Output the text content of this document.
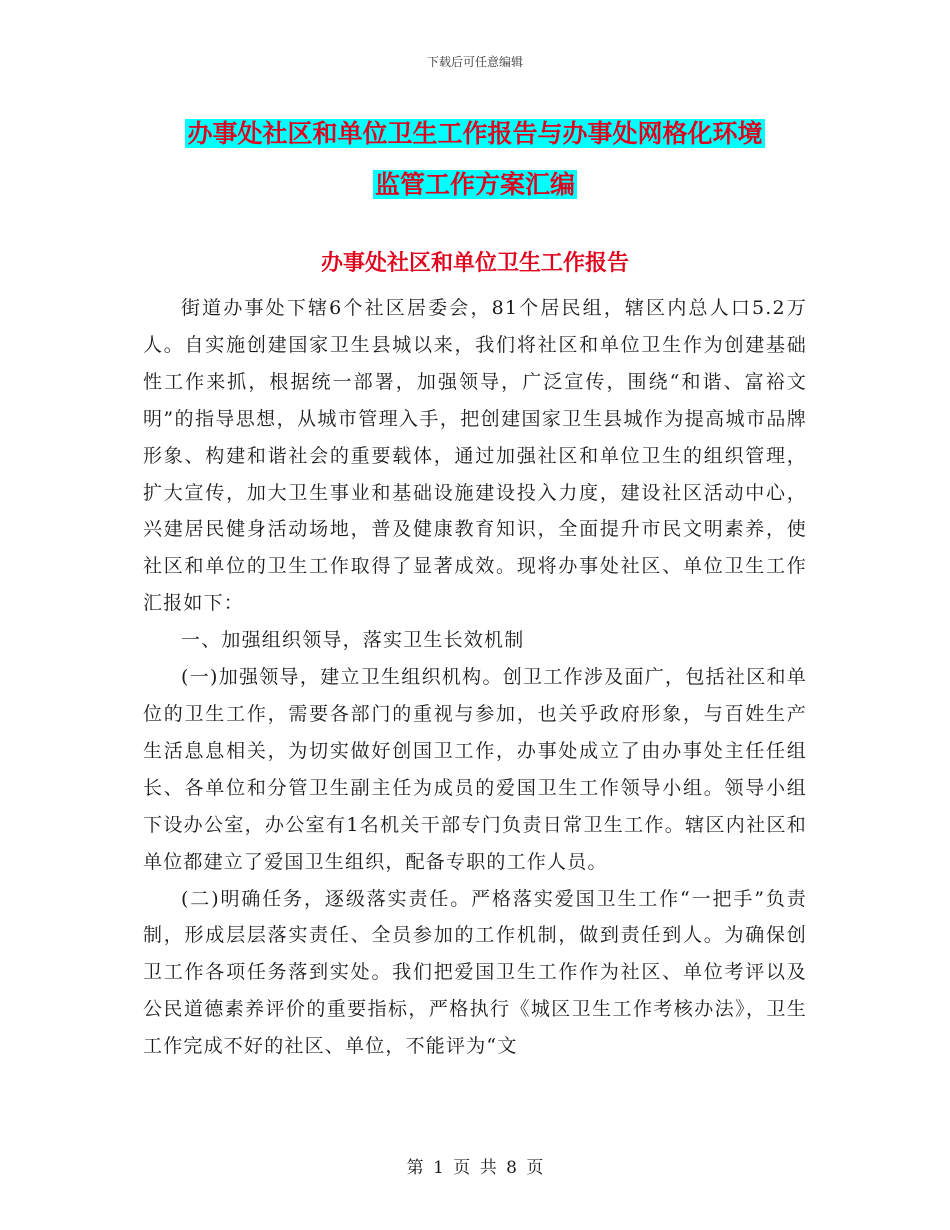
下载后可任意编辑
办事处社区和单位卫生工作报告与办事处网格化环境
监管工作方案汇编
办事处社区和单位卫生工作报告

街道办事处下辖6个社区居委会，81个居民组，辖区内总人口5.2万人。自实施创建国家卫生县城以来，我们将社区和单位卫生作为创建基础性工作来抓，根据统一部署，加强领导，广泛宣传，围绕“和谐、富裕文明”的指导思想，从城市管理入手，把创建国家卫生县城作为提高城市品牌形象、构建和谐社会的重要载体，通过加强社区和单位卫生的组织管理，扩大宣传，加大卫生事业和基础设施建设投入力度，建设社区活动中心，兴建居民健身活动场地，普及健康教育知识，全面提升市民文明素养，使社区和单位的卫生工作取得了显著成效。现将办事处社区、单位卫生工作汇报如下：

一、加强组织领导，落实卫生长效机制

(一)加强领导，建立卫生组织机构。创卫工作涉及面广，包括社区和单位的卫生工作，需要各部门的重视与参加，也关乎政府形象，与百姓生产生活息息相关，为切实做好创国卫工作，办事处成立了由办事处主任任组长、各单位和分管卫生副主任为成员的爱国卫生工作领导小组。领导小组下设办公室，办公室有1名机关干部专门负责日常卫生工作。辖区内社区和单位都建立了爱国卫生组织，配备专职的工作人员。

(二)明确任务，逐级落实责任。严格落实爱国卫生工作“一把手”负责制，形成层层落实责任、全员参加的工作机制，做到责任到人。为确保创卫工作各项任务落到实处。我们把爱国卫生工作作为社区、单位考评以及公民道德素养评价的重要指标，严格执行《城区卫生工作考核办法》，卫生工作完成不好的社区、单位，不能评为“文

第 1 页 共 8 页
